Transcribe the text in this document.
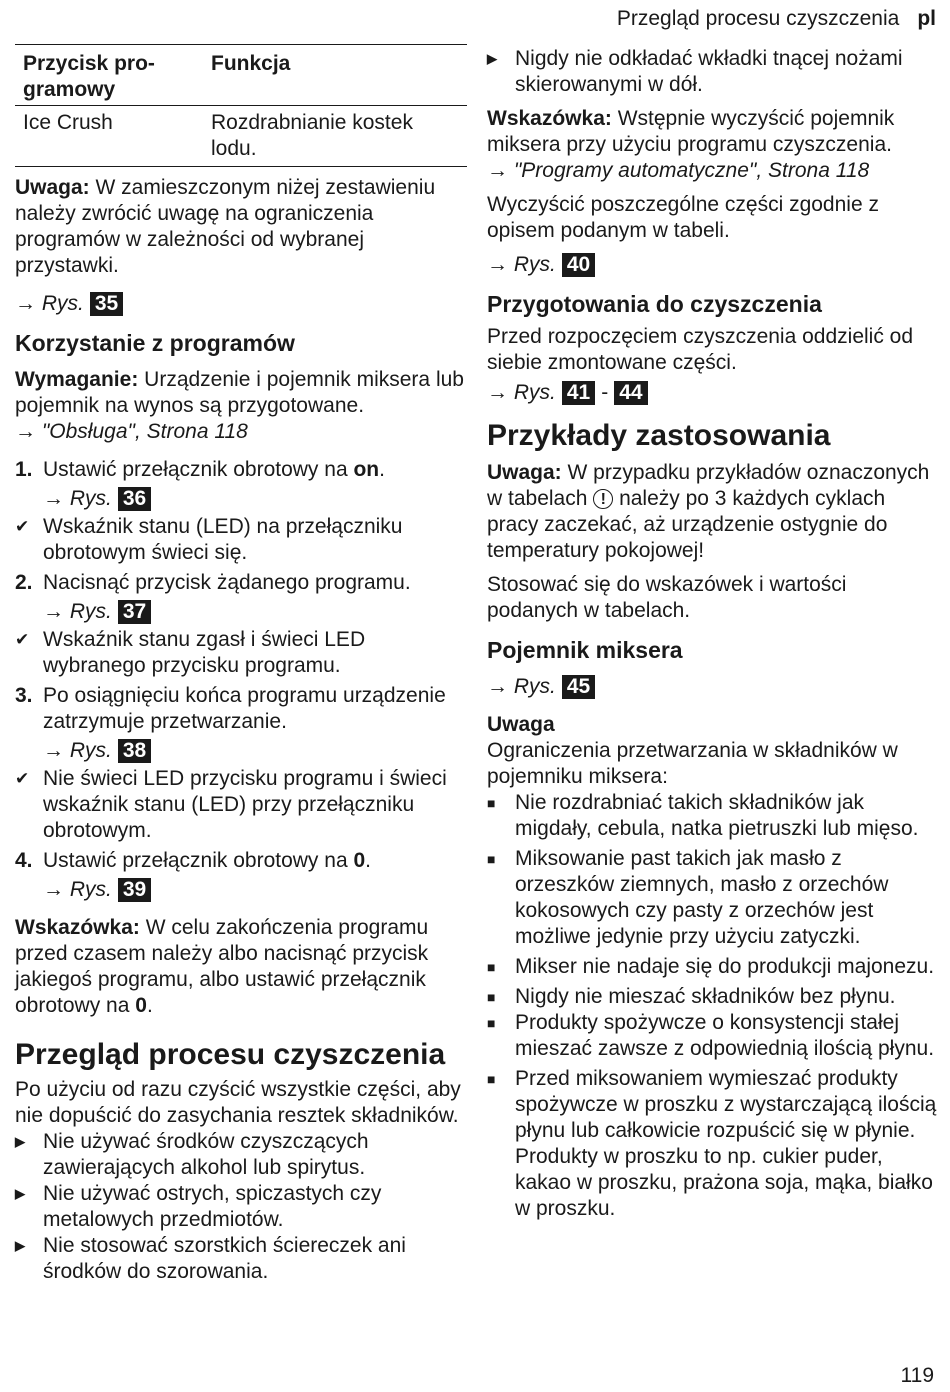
Przegląd procesu czyszczenia pl
Przycisk pro-gramowy	Funkcja
Ice Crush	Rozdrabnianie kostek lodu.

Uwaga: W zamieszczonym niżej zestawieniu należy zwrócić uwagę na ograniczenia programów w zależności od wybranej przystawki.

→ Rys. 35

Korzystanie z programów

Wymaganie: Urządzenie i pojemnik miksera lub pojemnik na wynos są przygotowane.

→ "Obsługa", Strona 118

1. Ustawić przełącznik obrotowy na on.

→ Rys. 36

✔ Wskaźnik stanu (LED) na przełączniku obrotowym świeci się.
2. Nacisnąć przycisk żądanego programu.

→ Rys. 37

✔ Wskaźnik stanu zgasł i świeci LED wybranego przycisku programu.
3. Po osiągnięciu końca programu urządzenie zatrzymuje przetwarzanie.

→ Rys. 38

✔ Nie świeci LED przycisku programu i świeci wskaźnik stanu (LED) przy przełączniku obrotowym.
4. Ustawić przełącznik obrotowy na 0.

→ Rys. 39

Wskazówka: W celu zakończenia programu przed czasem należy albo nacisnąć przycisk jakiegoś programu, albo ustawić przełącznik obrotowy na 0.

Przegląd procesu czyszczenia

Po użyciu od razu czyścić wszystkie części, aby nie dopuścić do zasychania resztek składników.

▶ Nie używać środków czyszczących zawierających alkohol lub spirytus.
▶ Nie używać ostrych, spiczastych czy metalowych przedmiotów.
▶ Nie stosować szorstkich ściereczek ani środków do szorowania.
▶ Nigdy nie odkładać wkładki tnącej nożami skierowanymi w dół.

Wskazówka: Wstępnie wyczyścić pojemnik miksera przy użyciu programu czyszczenia.

→ "Programy automatyczne", Strona 118

Wyczyścić poszczególne części zgodnie z opisem podanym w tabeli.

→ Rys. 40

Przygotowania do czyszczenia

Przed rozpoczęciem czyszczenia oddzielić od siebie zmontowane części.

→ Rys. 41 - 44

Przykłady zastosowania

Uwaga: W przypadku przykładów oznaczonych w tabelach ! należy po 3 każdych cyklach pracy zaczekać, aż urządzenie ostygnie do temperatury pokojowej!

Stosować się do wskazówek i wartości podanych w tabelach.

Pojemnik miksera

→ Rys. 45

Uwaga

Ograniczenia przetwarzania w składników w pojemniku miksera:

■ Nie rozdrabniać takich składników jak migdały, cebula, natka pietruszki lub mięso.
■ Miksowanie past takich jak masło z orzeszków ziemnych, masło z orzechów kokosowych czy pasty z orzechów jest możliwe jedynie przy użyciu zatyczki.
■ Mikser nie nadaje się do produkcji majonezu.
■ Nigdy nie mieszać składników bez płynu.
■ Produkty spożywcze o konsystencji stałej mieszać zawsze z odpowiednią ilością płynu.
■ Przed miksowaniem wymieszać produkty spożywcze w proszku z wystarczającą ilością płynu lub całkowicie rozpuścić się w płynie. Produkty w proszku to np. cukier puder, kakao w proszku, prażona soja, mąka, białko w proszku.
119
